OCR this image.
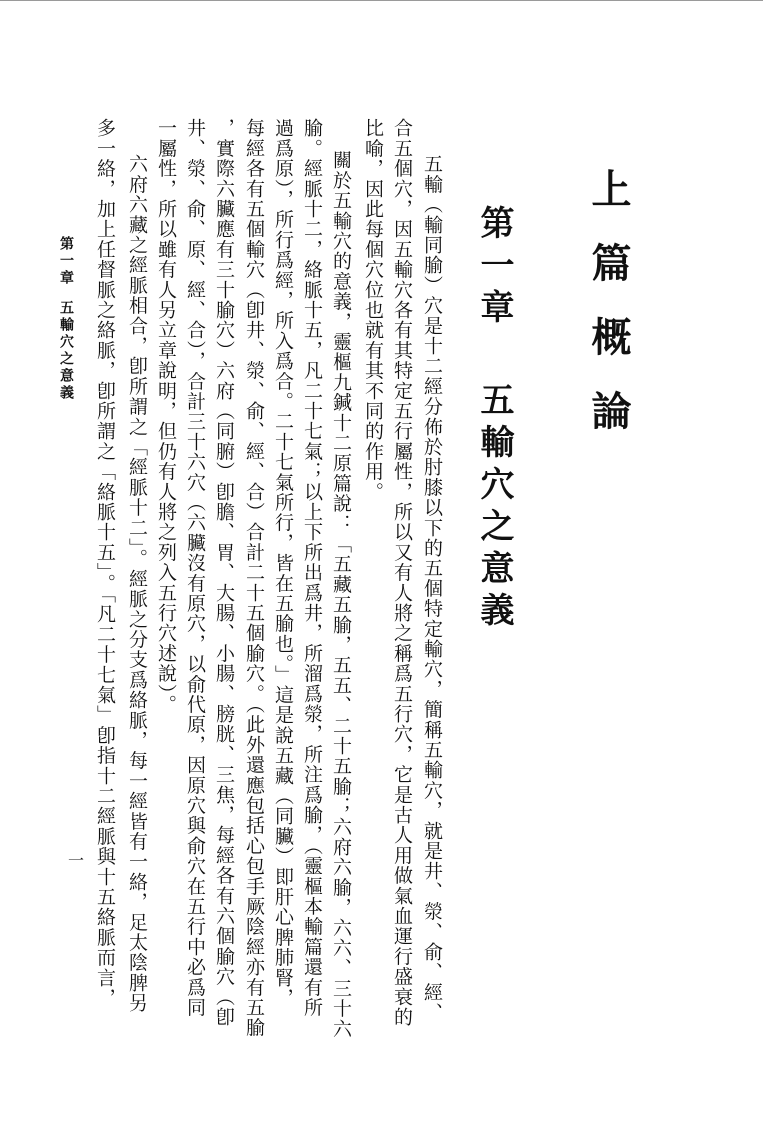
上篇概論
第一章
五輸穴之意義
五輸（輸同腧）穴是十二經分佈於肘膝以下的五個特定輸穴，簡稱五輸穴，就是井、滎、俞、經、
合五個穴，因五輸穴各有其特定五行屬性，所以又有人將之稱爲五行穴，它是古人用做氣血運行盛衰的
比喻，因此每個穴位也就有其不同的作用。
關於五輸穴的意義，靈樞九鍼十二原篇說：「五藏五腧，五五、二十五腧；六府六腧，六六、三十六
腧。經脈十二，絡脈十五，凡二十七氣；以上下所出爲井，所溜爲滎，所注爲腧，（靈樞本輸篇還有所
過爲原），所行爲經，所入爲合。二十七氣所行，皆在五腧也。」這是說五藏（同臟）即肝心脾肺腎，
每經各有五個輸穴（卽井、滎、俞、經、合）合計二十五個腧穴。（此外還應包括心包手厥陰經亦有五腧
，實際六臟應有三十腧穴）六府（同腑）卽膽、胃、大腸、小腸、膀胱、三焦，每經各有六個腧穴（卽
井、滎、俞、原、經、合），合計三十六穴（六臟沒有原穴，以俞代原，因原穴與俞穴在五行中必爲同
一屬性，所以雖有人另立章說明，但仍有人將之列入五行穴述說）。
六府六藏之經脈相合，卽所謂之「經脈十二」。經脈之分支爲絡脈，每一經皆有一絡，足太陰脾另
多一絡，加上任督脈之絡脈，卽所謂之「絡脈十五」。「凡二十七氣」卽指十二經脈與十五絡脈而言，
第一章
五輸穴之意義
一
